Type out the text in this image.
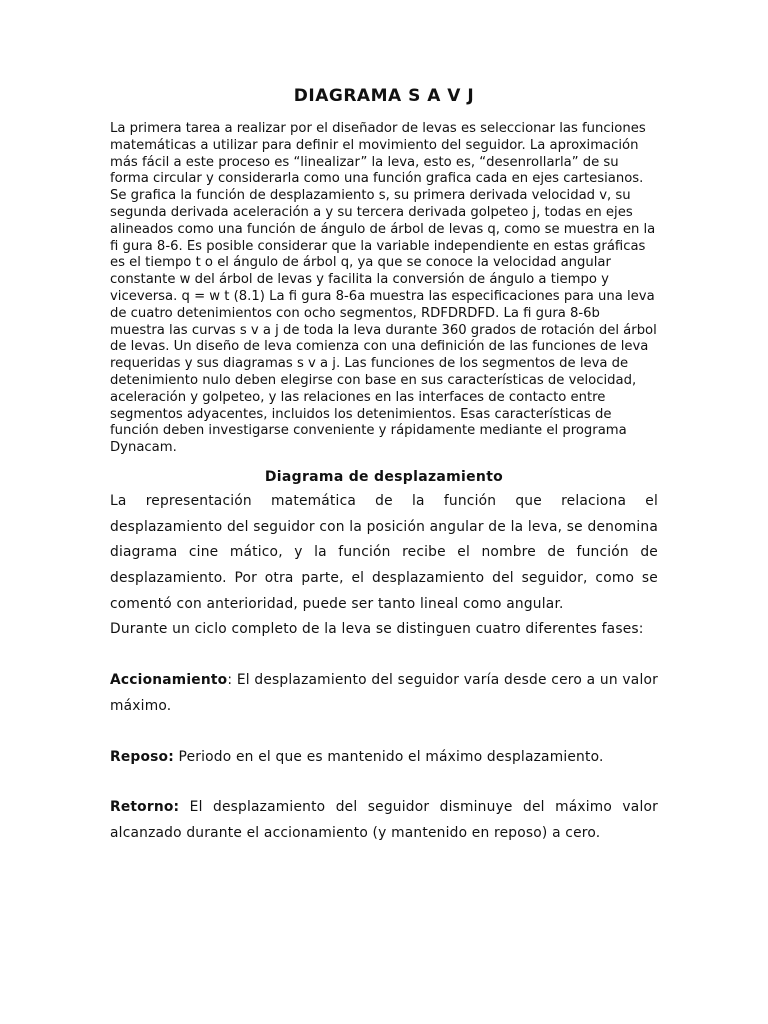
DIAGRAMA S A V J

La primera tarea a realizar por el diseñador de levas es seleccionar las funciones matemáticas a utilizar para definir el movimiento del seguidor. La aproximación más fácil a este proceso es “linealizar” la leva, esto es, “desenrollarla” de su forma circular y considerarla como una función grafica cada en ejes cartesianos. Se grafica la función de desplazamiento s, su primera derivada velocidad v, su segunda derivada aceleración a y su tercera derivada golpeteo j, todas en ejes alineados como una función de ángulo de árbol de levas q, como se muestra en la fi gura 8-6. Es posible considerar que la variable independiente en estas gráficas es el tiempo t o el ángulo de árbol q, ya que se conoce la velocidad angular constante w del árbol de levas y facilita la conversión de ángulo a tiempo y viceversa. q = w t (8.1) La fi gura 8-6a muestra las especificaciones para una leva de cuatro detenimientos con ocho segmentos, RDFDRDFD. La fi gura 8-6b muestra las curvas s v a j de toda la leva durante 360 grados de rotación del árbol de levas. Un diseño de leva comienza con una definición de las funciones de leva requeridas y sus diagramas s v a j. Las funciones de los segmentos de leva de detenimiento nulo deben elegirse con base en sus características de velocidad, aceleración y golpeteo, y las relaciones en las interfaces de contacto entre segmentos adyacentes, incluidos los detenimientos. Esas características de función deben investigarse conveniente y rápidamente mediante el programa Dynacam.

Diagrama de desplazamiento

La representación matemática de la función que relaciona el desplazamiento del seguidor con la posición angular de la leva, se denomina diagrama cine mático, y la función recibe el nombre de función de desplazamiento. Por otra parte, el desplazamiento del seguidor, como se comentó con anterioridad, puede ser tanto lineal como angular.

Durante un ciclo completo de la leva se distinguen cuatro diferentes fases:

Accionamiento: El desplazamiento del seguidor varía desde cero a un valor máximo.

Reposo: Periodo en el que es mantenido el máximo desplazamiento.

Retorno: El desplazamiento del seguidor disminuye del máximo valor alcanzado durante el accionamiento (y mantenido en reposo) a cero.
